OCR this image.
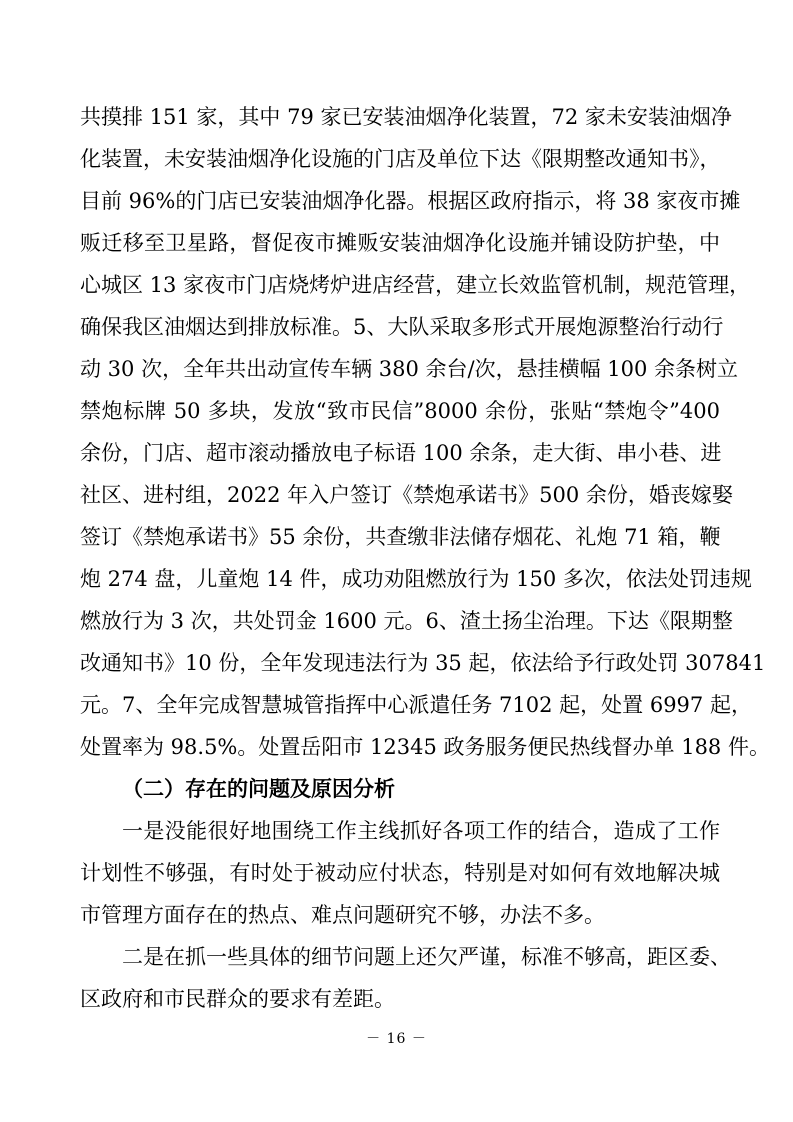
共摸排 151 家，其中 79 家已安装油烟净化装置，72 家未安装油烟净
化装置，未安装油烟净化设施的门店及单位下达《限期整改通知书》，
目前 96%的门店已安装油烟净化器。根据区政府指示，将 38 家夜市摊
贩迁移至卫星路，督促夜市摊贩安装油烟净化设施并铺设防护垫，中
心城区 13 家夜市门店烧烤炉进店经营，建立长效监管机制，规范管理，
确保我区油烟达到排放标准。5、大队采取多形式开展炮源整治行动行
动 30 次，全年共出动宣传车辆 380 余台/次，悬挂横幅 100 余条树立
禁炮标牌 50 多块，发放“致市民信”8000 余份，张贴“禁炮令”400
余份，门店、超市滚动播放电子标语 100 余条，走大街、串小巷、进
社区、进村组，2022 年入户签订《禁炮承诺书》500 余份，婚丧嫁娶
签订《禁炮承诺书》55 余份，共查缴非法储存烟花、礼炮 71 箱，鞭
炮 274 盘，儿童炮 14 件，成功劝阻燃放行为 150 多次，依法处罚违规
燃放行为 3 次，共处罚金 1600 元。6、渣土扬尘治理。下达《限期整
改通知书》10 份，全年发现违法行为 35 起，依法给予行政处罚 307841
元。7、全年完成智慧城管指挥中心派遣任务 7102 起，处置 6997 起，
处置率为 98.5%。处置岳阳市 12345 政务服务便民热线督办单 188 件。
（二）存在的问题及原因分析
一是没能很好地围绕工作主线抓好各项工作的结合，造成了工作
计划性不够强，有时处于被动应付状态，特别是对如何有效地解决城
市管理方面存在的热点、难点问题研究不够，办法不多。
二是在抓一些具体的细节问题上还欠严谨，标准不够高，距区委、
区政府和市民群众的要求有差距。
－ 16 －
